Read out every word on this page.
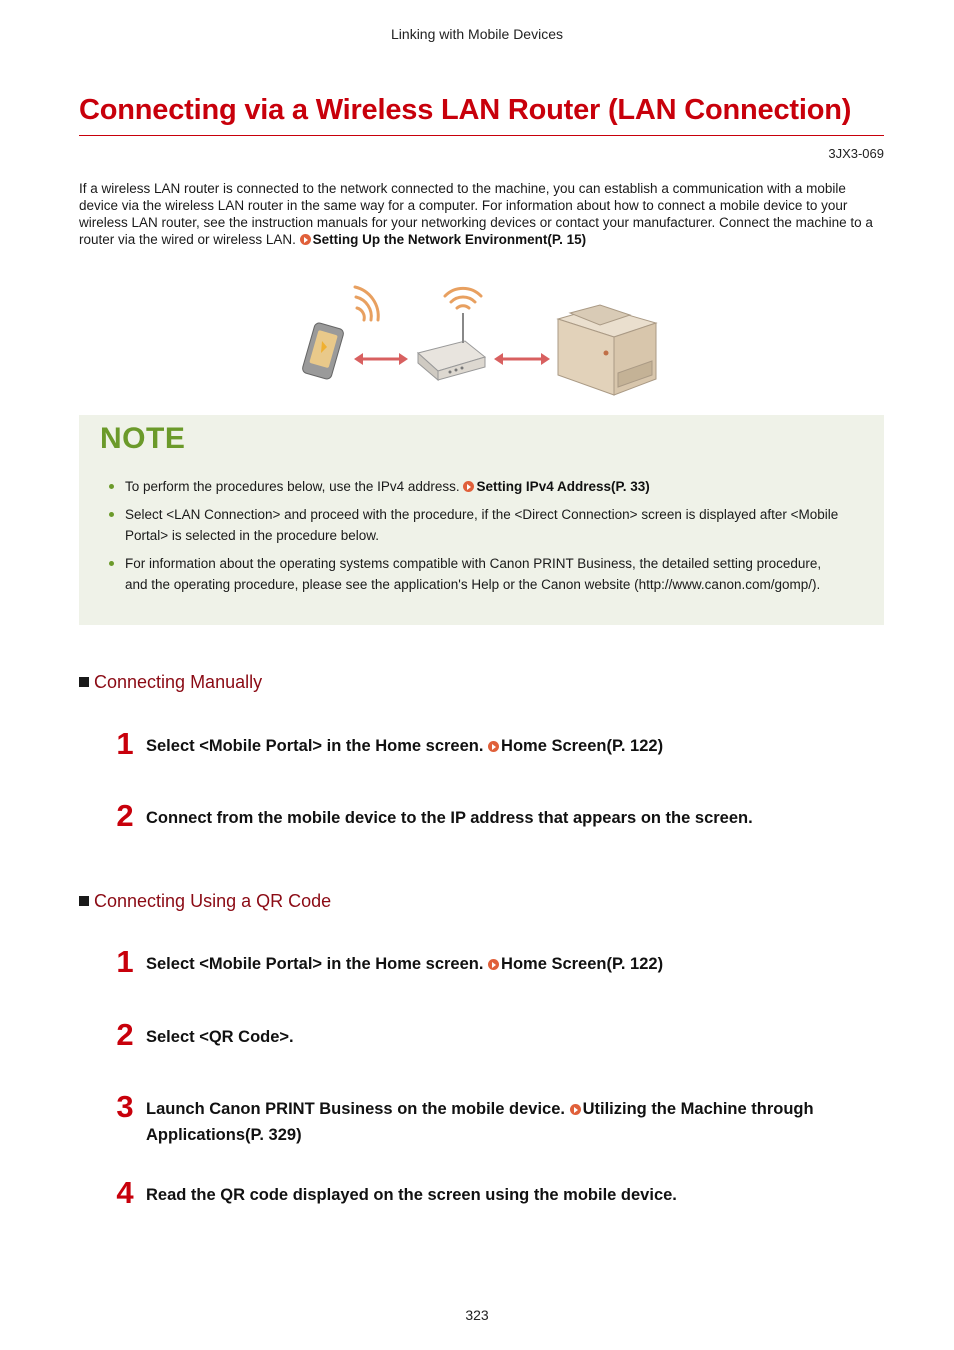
Linking with Mobile Devices
Connecting via a Wireless LAN Router (LAN Connection)
3JX3-069
If a wireless LAN router is connected to the network connected to the machine, you can establish a communication with a mobile device via the wireless LAN router in the same way for a computer. For information about how to connect a mobile device to your wireless LAN router, see the instruction manuals for your networking devices or contact your manufacturer. Connect the machine to a router via the wired or wireless LAN. Setting Up the Network Environment(P. 15)
NOTE
To perform the procedures below, use the IPv4 address. Setting IPv4 Address(P. 33)
Select <LAN Connection> and proceed with the procedure, if the <Direct Connection> screen is displayed after <Mobile Portal> is selected in the procedure below.
For information about the operating systems compatible with Canon PRINT Business, the detailed setting procedure, and the operating procedure, please see the application's Help or the Canon website (http://www.canon.com/gomp/).
Connecting Manually
1 Select <Mobile Portal> in the Home screen. Home Screen(P. 122)
2 Connect from the mobile device to the IP address that appears on the screen.
Connecting Using a QR Code
1 Select <Mobile Portal> in the Home screen. Home Screen(P. 122)
2 Select <QR Code>.
3 Launch Canon PRINT Business on the mobile device. Utilizing the Machine through Applications(P. 329)
4 Read the QR code displayed on the screen using the mobile device.
323
